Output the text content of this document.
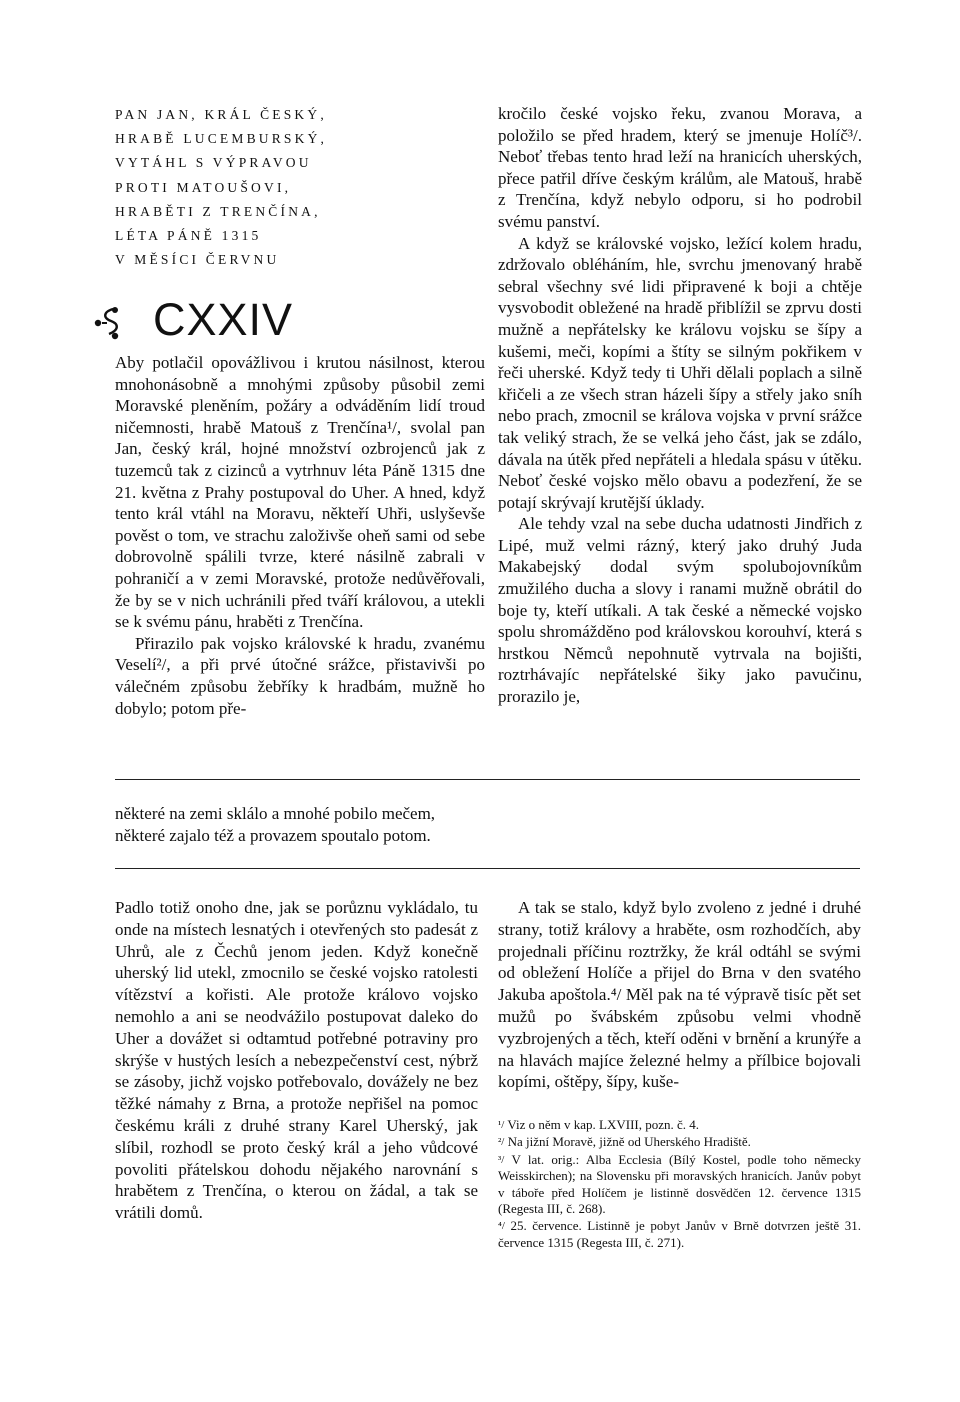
PAN JAN, KRÁL ČESKÝ,
HRABĚ LUCEMBURSKÝ,
VYTÁHL S VÝPRAVOU
PROTI MATOUŠOVI,
HRABĚTI Z TRENČÍNA,
LÉTA PÁNĚ 1315
V MĚSÍCI ČERVNU
CXXIV

Aby potlačil opovážlivou i krutou násilnost, kterou mnohonásobně a mnohými způsoby působil zemi Moravské pleněním, požáry a odváděním lidí troud ničemnosti, hrabě Matouš z Trenčína¹/, svolal pan Jan, český král, hojné množství ozbrojenců jak z tuzemců tak z cizinců a vytrhnuv léta Páně 1315 dne 21. května z Prahy postupoval do Uher. A hned, když tento král vtáhl na Moravu, někteří Uhři, uslyševše pověst o tom, ve strachu založivše oheň sami od sebe dobrovolně spálili tvrze, které násilně zabrali v pohraničí a v zemi Moravské, protože nedůvěřovali, že by se v nich uchránili před tváří královou, a utekli se k svému pánu, hraběti z Trenčína.

Přirazilo pak vojsko královské k hradu, zvanému Veselí²/, a při prvé útočné srážce, přistavivši po válečném způsobu žebříky k hradbám, mužně ho dobylo; potom pře-

kročilo české vojsko řeku, zvanou Morava, a položilo se před hradem, který se jmenuje Holíč³/. Neboť třebas tento hrad leží na hranicích uherských, přece patřil dříve českým králům, ale Matouš, hrabě z Trenčína, když nebylo odporu, si ho podrobil svému panství.

A když se královské vojsko, ležící kolem hradu, zdržovalo obléháním, hle, svrchu jmenovaný hrabě sebral všechny své lidi připravené k boji a chtěje vysvobodit obležené na hradě přiblížil se zprvu dosti mužně a nepřátelsky ke královu vojsku se šípy a kušemi, meči, kopími a štíty se silným pokřikem v řeči uherské. Když tedy ti Uhři dělali poplach a silně křičeli a ze všech stran házeli šípy a střely jako sníh nebo prach, zmocnil se králova vojska v první srážce tak veliký strach, že se velká jeho část, jak se zdálo, dávala na útěk před nepřáteli a hledala spásu v útěku. Neboť české vojsko mělo obavu a podezření, že se potají skrývají krutější úklady.

Ale tehdy vzal na sebe ducha udatnosti Jindřich z Lipé, muž velmi rázný, který jako druhý Juda Makabejský dodal svým spolubojovníkům zmužilého ducha a slovy i ranami mužně obrátil do boje ty, kteří utíkali. A tak české a německé vojsko spolu shromážděno pod královskou korouhví, která s hrstkou Němců nepohnutě vytrvala na bojišti, roztrhávajíc nepřátelské šiky jako pavučinu, prorazilo je,

některé na zemi sklálo a mnohé pobilo mečem,
některé zajalo též a provazem spoutalo potom.

Padlo totiž onoho dne, jak se porůznu vykládalo, tu onde na místech lesnatých i otevřených sto padesát z Uhrů, ale z Čechů jenom jeden. Když konečně uherský lid utekl, zmocnilo se české vojsko ratolesti vítězství a kořisti. Ale protože královo vojsko nemohlo a ani se neodvážilo postupovat daleko do Uher a dovážet si odtamtud potřebné potraviny pro skrýše v hustých lesích a nebezpečenství cest, nýbrž se zásoby, jichž vojsko potřebovalo, dovážely ne bez těžké námahy z Brna, a protože nepřišel na pomoc českému králi z druhé strany Karel Uherský, jak slíbil, rozhodl se proto český král a jeho vůdcové povoliti přátelskou dohodu nějakého narovnání s hrabětem z Trenčína, o kterou on žádal, a tak se vrátili domů.

A tak se stalo, když bylo zvoleno z jedné i druhé strany, totiž královy a hraběte, osm rozhodčích, aby projednali příčinu roztržky, že král odtáhl se svými od obležení Holíče a přijel do Brna v den svatého Jakuba apoštola.⁴/ Měl pak na té výpravě tisíc pět set mužů po švábském způsobu velmi vhodně vyzbrojených a těch, kteří oděni v brnění a krunýře a na hlavách majíce železné helmy a přílbice bojovali kopími, oštěpy, šípy, kuše-

¹/ Viz o něm v kap. LXVIII, pozn. č. 4.

²/ Na jižní Moravě, jižně od Uherského Hradiště.

³/ V lat. orig.: Alba Ecclesia (Bílý Kostel, podle toho německy Weisskirchen); na Slovensku při moravských hranicích. Janův pobyt v táboře před Holíčem je listinně dosvědčen 12. července 1315 (Regesta III, č. 268).

⁴/ 25. července. Listinně je pobyt Janův v Brně dotvrzen ještě 31. července 1315 (Regesta III, č. 271).
